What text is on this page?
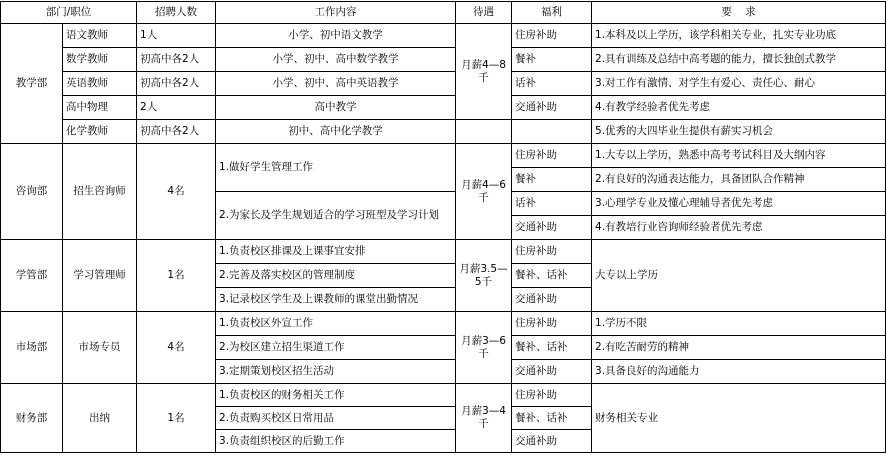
部门/职位		招聘人数	工作内容	待遇	福利	要    求
教学部	语文教师	1人	小学、初中语文教学	月薪4—8千	住房补助	1.本科及以上学历，该学科相关专业，扎实专业功底
	数学教师	初高中各2人	小学、初中、高中数学教学		餐补	2.具有训练及总结中高考题的能力，擅长独创式教学
	英语教师	初高中各2人	小学、初中、高中英语教学		话补	3.对工作有激情、对学生有爱心、责任心、耐心
	高中物理	2人	高中教学		交通补助	4.有教学经验者优先考虑
	化学教师	初高中各2人	初中、高中化学教学			5.优秀的大四毕业生提供有薪实习机会
咨询部	招生咨询师	4名	1.做好学生管理工作	月薪4—6千	住房补助	1.大专以上学历，熟悉中高考考试科目及大纲内容
					餐补	2.有良好的沟通表达能力，具备团队合作精神
			2.为家长及学生规划适合的学习班型及学习计划		话补	3.心理学专业及懂心理辅导者优先考虑
					交通补助	4.有教培行业咨询师经验者优先考虑
学管部	学习管理师	1名	1.负责校区排课及上课事宜安排	月薪3.5—5千	住房补助	大专以上学历
			2.完善及落实校区的管理制度		餐补、话补	
			3.记录校区学生及上课教师的课堂出勤情况		交通补助	
市场部	市场专员	4名	1.负责校区外宣工作	月薪3—6千	住房补助	1.学历不限
			2.为校区建立招生渠道工作		餐补、话补	2.有吃苦耐劳的精神
			3.定期策划校区招生活动		交通补助	3.具备良好的沟通能力
财务部	出纳	1名	1.负责校区的财务相关工作	月薪3—4千	住房补助	财务相关专业
			2.负责购买校区日常用品		餐补、话补	
			3.负责组织校区的后勤工作		交通补助	
